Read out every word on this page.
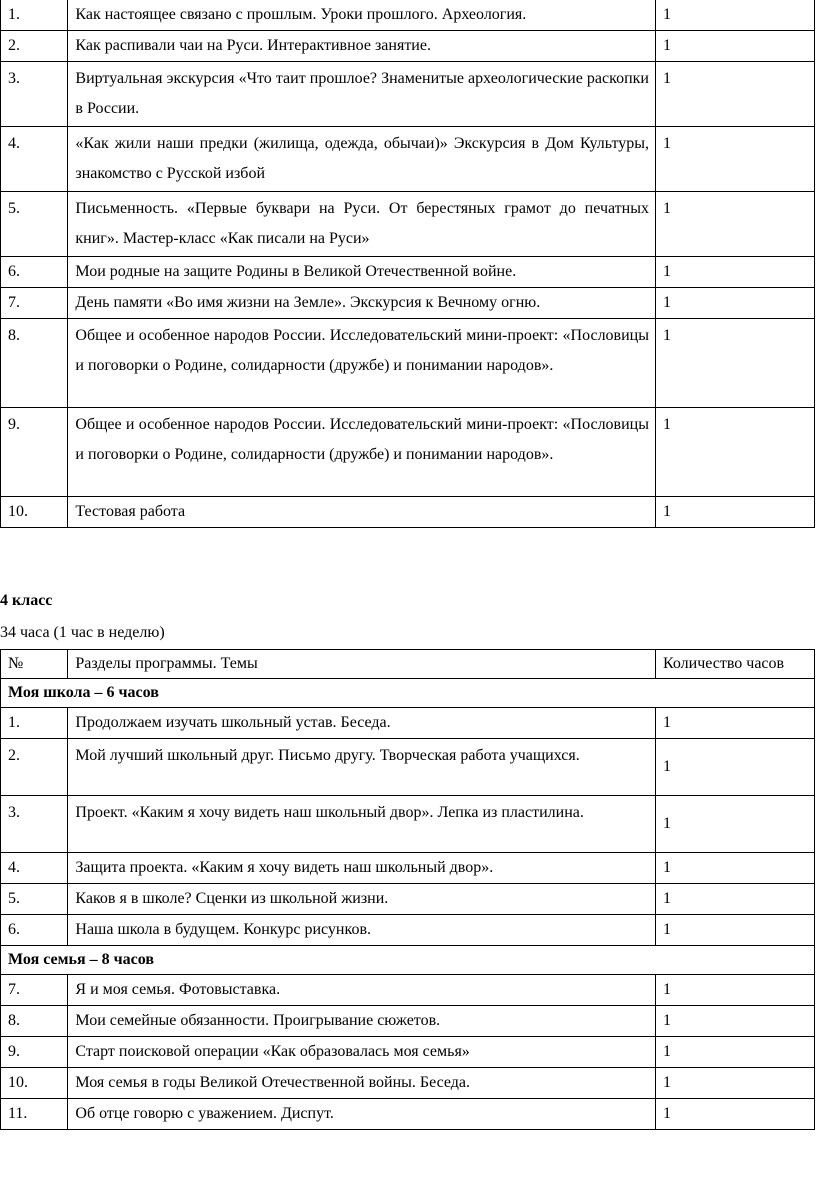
1.	Как настоящее связано с прошлым. Уроки прошлого. Археология.	1
2.	Как распивали чаи на Руси. Интерактивное занятие.	1
3.	Виртуальная экскурсия «Что таит прошлое? Знаменитые археологические раскопки в России.	1
4.	«Как жили наши предки (жилища, одежда, обычаи)» Экскурсия в Дом Культуры, знакомство с Русской избой	1
5.	Письменность. «Первые буквари на Руси. От берестяных грамот до печатных книг». Мастер-класс «Как писали на Руси»	1
6.	Мои родные на защите Родины в Великой Отечественной войне.	1
7.	День памяти «Во имя жизни на Земле». Экскурсия к Вечному огню.	1
8.	Общее и особенное народов России. Исследовательский мини-проект: «Пословицы и поговорки о Родине, солидарности (дружбе) и понимании народов».	1
9.	Общее и особенное народов России. Исследовательский мини-проект: «Пословицы и поговорки о Родине, солидарности (дружбе) и понимании народов».	1
10.	Тестовая работа	1

4 класс

34 часа (1 час в неделю)

№	Разделы программы. Темы	Количество часов
Моя школа – 6 часов		
1.	Продолжаем изучать школьный устав. Беседа.	1
2.	Мой лучший школьный друг. Письмо другу. Творческая работа учащихся.	1
3.	Проект. «Каким я хочу видеть наш школьный двор». Лепка из пластилина.	1
4.	Защита проекта. «Каким я хочу видеть наш школьный двор».	1
5.	Каков я в школе? Сценки из школьной жизни.	1
6.	Наша школа в будущем. Конкурс рисунков.	1
Моя семья – 8 часов		
7.	Я и моя семья. Фотовыставка.	1
8.	Мои семейные обязанности. Проигрывание сюжетов.	1
9.	Старт поисковой операции «Как образовалась моя семья»	1
10.	Моя семья в годы Великой Отечественной войны. Беседа.	1
11.	Об отце говорю с уважением. Диспут.	1
